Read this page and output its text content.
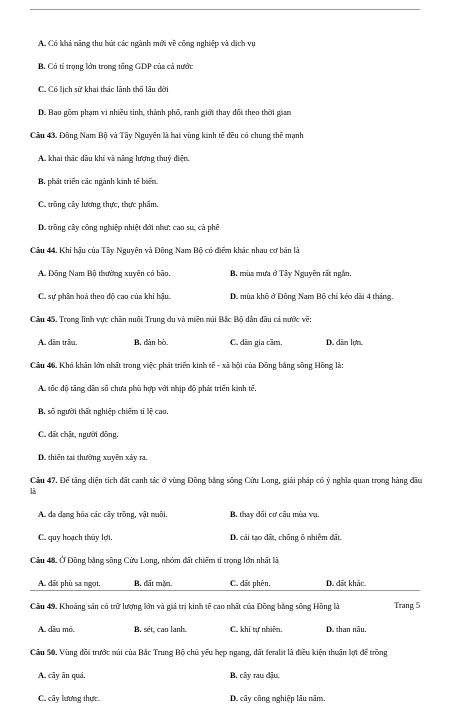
A. Có khả năng thu hút các ngành mới về công nghiệp và dịch vụ
B. Có tỉ trọng lớn trong tổng GDP của cả nước
C. Có lịch sử khai thác lãnh thổ lâu đời
D. Bao gồm phạm vi nhiều tỉnh, thành phố, ranh giới thay đổi theo thời gian
Câu 43. Đông Nam Bộ và Tây Nguyên là hai vùng kinh tế đều có chung thế mạnh
A. khai thác dầu khí và năng lượng thuỷ điện.
B. phát triển các ngành kinh tế biển.
C. trồng cây lương thực, thực phẩm.
D. trồng cây công nghiệp nhiệt đới như: cao su, cà phê
Câu 44. Khí hậu của Tây Nguyên và Đông Nam Bộ có điểm khác nhau cơ bản là
A. Đông Nam Bộ thường xuyên có bão.	B. mùa mưa ở Tây Nguyên rất ngắn.
C. sự phân hoá theo độ cao của khí hậu.	D. mùa khô ở Đông Nam Bộ chỉ kéo dài 4 tháng.
Câu 45. Trong lĩnh vực chăn nuôi Trung du và miền núi Bắc Bộ dẫn đầu cả nước về:
A. đàn trâu.	B. đàn bò.	C. đàn gia cầm.	D. đàn lợn.
Câu 46. Khó khăn lớn nhất trong việc phát triển kinh tế - xã hội của Đồng bằng sông Hồng là:
A. tốc độ tăng dân số chưa phù hợp với nhịp độ phát triển kinh tế.
B. số người thất nghiệp chiếm tỉ lệ cao.
C. đất chật, người đông.
D. thiên tai thường xuyên xảy ra.
Câu 47. Để tăng diện tích đất canh tác ở vùng Đồng bằng sông Cửu Long, giải pháp có ý nghĩa quan trọng hàng đầu là
A. đa dạng hóa các cây trồng, vật nuôi.	B. thay đổi cơ cấu mùa vụ.
C. quy hoạch thủy lợi.	D. cải tạo đất, chống ô nhiễm đất.
Câu 48. Ở Đồng bằng sông Cửu Long, nhóm đất chiếm tỉ trọng lớn nhất là
A. đất phù sa ngọt.	B. đất mặn.	C. đất phèn.	D. đất khác.
Câu 49. Khoáng sản có trữ lượng lớn và giá trị kinh tế cao nhất của Đồng bằng sông Hồng là
A. dầu mỏ.	B. sét, cao lanh.	C. khí tự nhiên.	D. than nâu.
Câu 50. Vùng đồi trước núi của Bắc Trung Bộ chủ yếu hẹp ngang, đất feralit là điều kiện thuận lợi để trồng
A. cây ăn quả.	B. cây rau đậu.
C. cây lương thực.	D. cây công nghiệp lâu năm.
Trang 5
